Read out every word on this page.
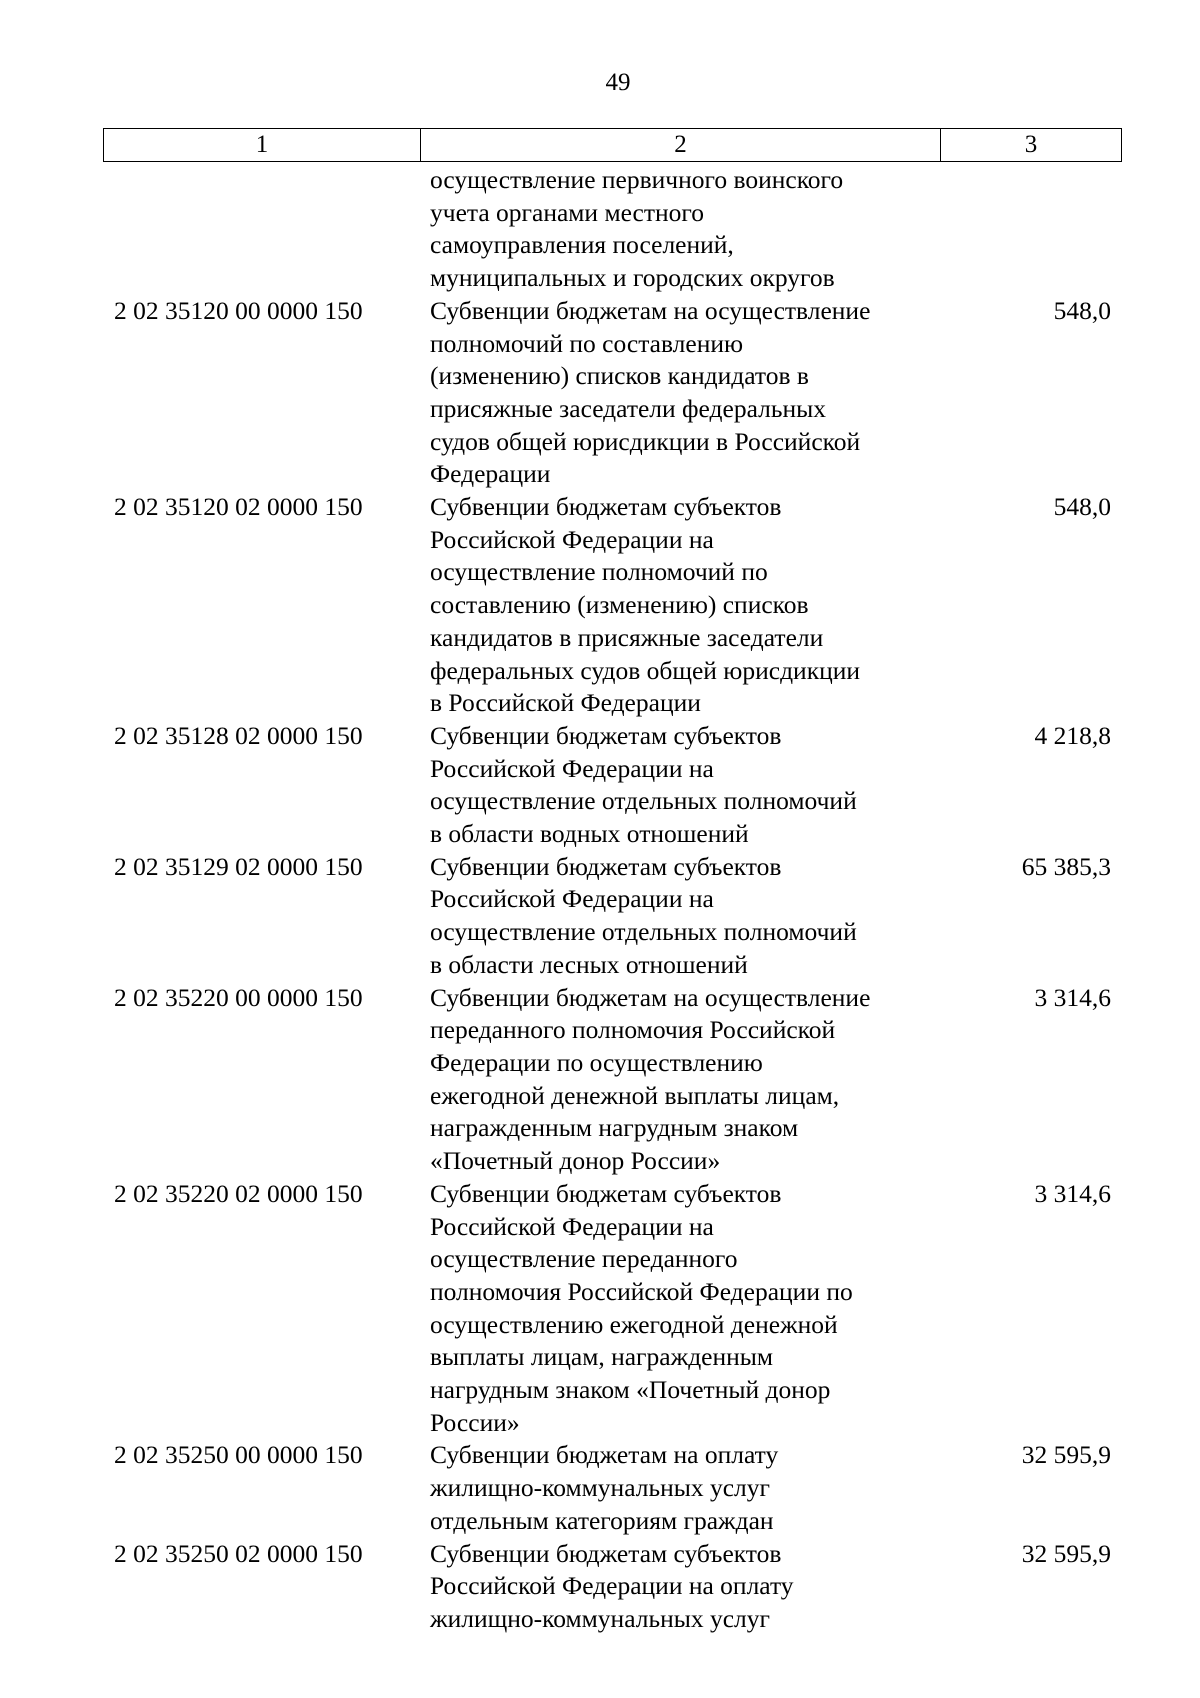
49
1	2	3
осуществление первичного воинского
учета органами местного
самоуправления поселений,
муниципальных и городских округов
2 02 35120 00 0000 150	Субвенции бюджетам на осуществление
полномочий по составлению
(изменению) списков кандидатов в
присяжные заседатели федеральных
судов общей юрисдикции в Российской
Федерации
548,0
2 02 35120 02 0000 150	Субвенции бюджетам субъектов
Российской Федерации на
осуществление полномочий по
составлению (изменению) списков
кандидатов в присяжные заседатели
федеральных судов общей юрисдикции
в Российской Федерации
548,0
2 02 35128 02 0000 150	Субвенции бюджетам субъектов
Российской Федерации на
осуществление отдельных полномочий
в области водных отношений
4 218,8
2 02 35129 02 0000 150	Субвенции бюджетам субъектов
Российской Федерации на
осуществление отдельных полномочий
в области лесных отношений
65 385,3
2 02 35220 00 0000 150	Субвенции бюджетам на осуществление
переданного полномочия Российской
Федерации по осуществлению
ежегодной денежной выплаты лицам,
награжденным нагрудным знаком
«Почетный донор России»
3 314,6
2 02 35220 02 0000 150	Субвенции бюджетам субъектов
Российской Федерации на
осуществление переданного
полномочия Российской Федерации по
осуществлению ежегодной денежной
выплаты лицам, награжденным
нагрудным знаком «Почетный донор
России»
3 314,6
2 02 35250 00 0000 150	Субвенции бюджетам на оплату
жилищно-коммунальных услуг
отдельным категориям граждан
32 595,9
2 02 35250 02 0000 150	Субвенции бюджетам субъектов
Российской Федерации на оплату
жилищно-коммунальных услуг
32 595,9
